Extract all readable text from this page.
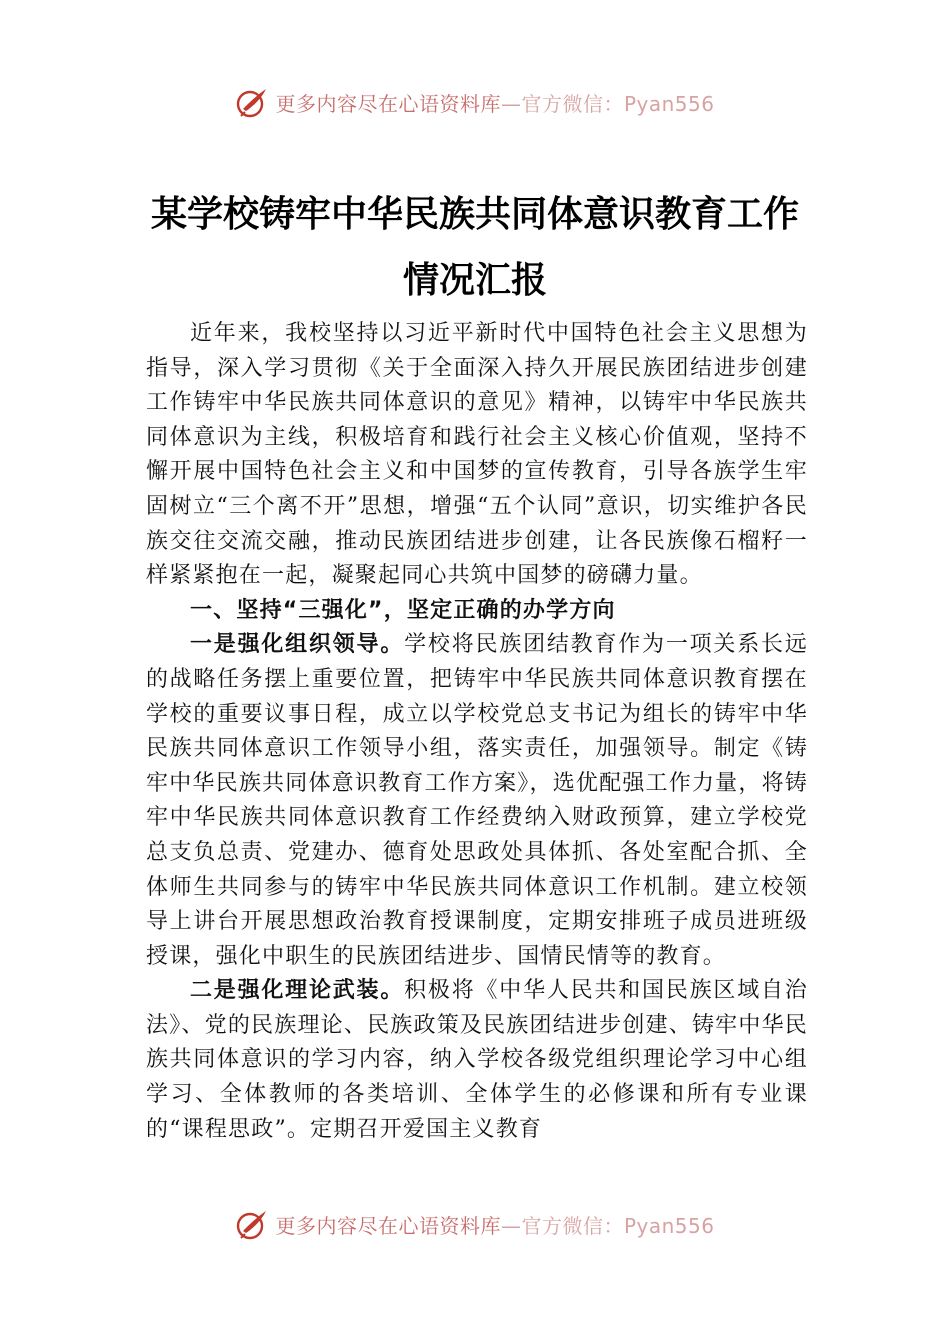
更多内容尽在心语资料库—官方微信：Pyan556
某学校铸牢中华民族共同体意识教育工作
情况汇报

近年来，我校坚持以习近平新时代中国特色社会主义思想为指导，深入学习贯彻《关于全面深入持久开展民族团结进步创建工作铸牢中华民族共同体意识的意见》精神，以铸牢中华民族共同体意识为主线，积极培育和践行社会主义核心价值观，坚持不懈开展中国特色社会主义和中国梦的宣传教育，引导各族学生牢固树立“三个离不开”思想，增强“五个认同”意识，切实维护各民族交往交流交融，推动民族团结进步创建，让各民族像石榴籽一样紧紧抱在一起，凝聚起同心共筑中国梦的磅礴力量。

一、坚持“三强化”，坚定正确的办学方向

一是强化组织领导。学校将民族团结教育作为一项关系长远的战略任务摆上重要位置，把铸牢中华民族共同体意识教育摆在学校的重要议事日程，成立以学校党总支书记为组长的铸牢中华民族共同体意识工作领导小组，落实责任，加强领导。制定《铸牢中华民族共同体意识教育工作方案》，选优配强工作力量，将铸牢中华民族共同体意识教育工作经费纳入财政预算，建立学校党总支负总责、党建办、德育处思政处具体抓、各处室配合抓、全体师生共同参与的铸牢中华民族共同体意识工作机制。建立校领导上讲台开展思想政治教育授课制度，定期安排班子成员进班级授课，强化中职生的民族团结进步、国情民情等的教育。

二是强化理论武装。积极将《中华人民共和国民族区域自治法》、党的民族理论、民族政策及民族团结进步创建、铸牢中华民族共同体意识的学习内容，纳入学校各级党组织理论学习中心组学习、全体教师的各类培训、全体学生的必修课和所有专业课的“课程思政”。定期召开爱国主义教育

更多内容尽在心语资料库—官方微信：Pyan556
